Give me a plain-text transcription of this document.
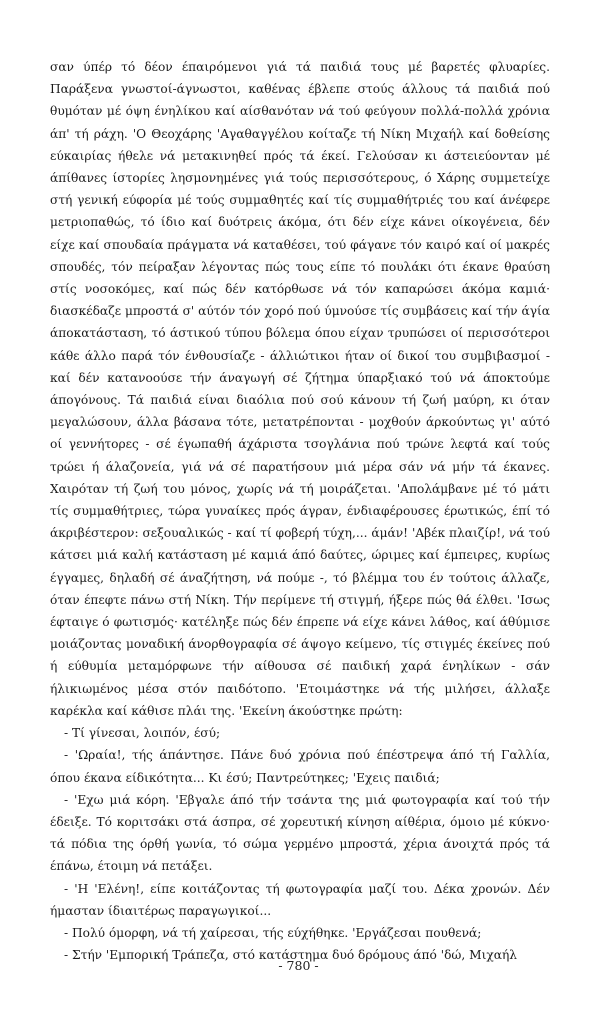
σαν ύπέρ τό δέον έπαιρόμενοι γιά τά παιδιά τους μέ βαρετές φλυαρίες. Παράξενα γνωστοί-άγνωστοι, καθένας έβλεπε στούς άλλους τά παιδιά πού θυμόταν μέ όψη ένηλίκου καί αίσθανόταν νά τού φεύγουν πολλά-πολλά χρόνια άπ' τή ράχη. 'Ο Θεοχάρης 'Αγαθαγγέλου κοίταζε τή Νίκη Μιχαήλ καί δοθείσης εύκαιρίας ήθελε νά μετακινηθεί πρός τά έκεί. Γελούσαν κι άστειεύονταν μέ άπίθανες ίστορίες λησμονημένες γιά τούς περισσότερους, ό Χάρης συμμετείχε στή γενική εύφορία μέ τούς συμμαθητές καί τίς συμμαθήτριές του καί άνέφερε μετριοπαθώς, τό ίδιο καί δυότρεις άκόμα, ότι δέν είχε κάνει οίκογένεια, δέν είχε καί σπουδαία πράγματα νά καταθέσει, τού φάγανε τόν καιρό καί οί μακρές σπουδές, τόν πείραξαν λέγοντας πώς τους είπε τό πουλάκι ότι έκανε θραύση στίς νοσοκόμες, καί πώς δέν κατόρθωσε νά τόν καπαρώσει άκόμα καμιά· διασκέδαζε μπροστά σ' αύτόν τόν χορό πού ύμνούσε τίς συμβάσεις καί τήν άγία άποκατάσταση, τό άστικού τύπου βόλεμα όπου είχαν τρυπώσει οί περισσότεροι κάθε άλλο παρά τόν ένθουσίαζε - άλλιώτικοι ήταν οί δικοί του συμβιβασμοί - καί δέν κατανοούσε τήν άναγωγή σέ ζήτημα ύπαρξιακό τού νά άποκτούμε άπογόνους. Τά παιδιά είναι διαόλια πού σού κάνουν τή ζωή μαύρη, κι όταν μεγαλώσουν, άλλα βάσανα τότε, μετατρέπονται - μοχθούν άρκούντως γι' αύτό οί γεννήτορες - σέ έγωπαθή άχάριστα τσογλάνια πού τρώνε λεφτά καί τούς τρώει ή άλαζονεία, γιά νά σέ παρατήσουν μιά μέρα σάν νά μήν τά έκανες. Χαιρόταν τή ζωή του μόνος, χωρίς νά τή μοιράζεται. 'Απολάμβανε μέ τό μάτι τίς συμμαθήτριες, τώρα γυναίκες πρός άγραν, ένδιαφέρουσες έρωτικώς, έπί τό άκριβέστερον: σεξουαλικώς - καί τί φοβερή τύχη,... άμάν! 'Αβέκ πλαιζίρ!, νά τού κάτσει μιά καλή κατάσταση μέ καμιά άπό δαύτες, ώριμες καί έμπειρες, κυρίως έγγαμες, δηλαδή σέ άναζήτηση, νά πούμε -, τό βλέμμα του έν τούτοις άλλαζε, όταν έπεφτε πάνω στή Νίκη. Τήν περίμενε τή στιγμή, ήξερε πώς θά έλθει. 'Ισως έφταιγε ό φωτισμός· κατέληξε πώς δέν έπρεπε νά είχε κάνει λάθος, καί άθύμισε μοιάζοντας μοναδική άνορθογραφία σέ άψογο κείμενο, τίς στιγμές έκείνες πού ή εύθυμία μεταμόρφωνε τήν αίθουσα σέ παιδική χαρά ένηλίκων - σάν ήλικιωμένος μέσα στόν παιδότοπο. 'Ετοιμάστηκε νά τής μιλήσει, άλλαξε καρέκλα καί κάθισε πλάι της. 'Εκείνη άκούστηκε πρώτη:

- Τί γίνεσαι, λοιπόν, έσύ;

- 'Ωραία!, τής άπάντησε. Πάνε δυό χρόνια πού έπέστρεψα άπό τή Γαλλία, όπου έκανα είδικότητα... Κι έσύ; Παντρεύτηκες; 'Εχεις παιδιά;

- 'Εχω μιά κόρη. 'Εβγαλε άπό τήν τσάντα της μιά φωτογραφία καί τού τήν έδειξε. Τό κοριτσάκι στά άσπρα, σέ χορευτική κίνηση αίθέρια, όμοιο μέ κύκνο· τά πόδια της όρθή γωνία, τό σώμα γερμένο μπροστά, χέρια άνοιχτά πρός τά έπάνω, έτοιμη νά πετάξει.

- 'Η 'Ελένη!, είπε κοιτάζοντας τή φωτογραφία μαζί του. Δέκα χρονών. Δέν ήμασταν ίδιαιτέρως παραγωγικοί...

- Πολύ όμορφη, νά τή χαίρεσαι, τής εύχήθηκε. 'Εργάζεσαι πουθενά;

- Στήν 'Εμπορική Τράπεζα, στό κατάστημα δυό δρόμους άπό 'δώ, Μιχαήλ

- 780 -
